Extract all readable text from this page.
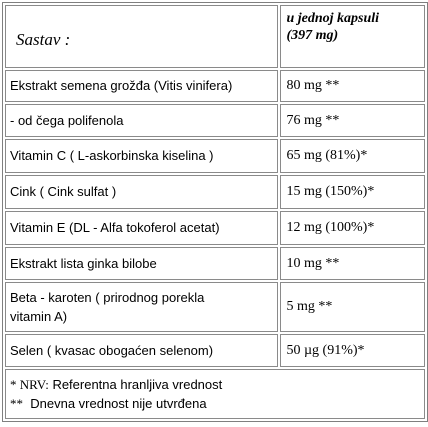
Sastav :	u jednoj kapsuli
(397 mg)

Ekstrakt semena grožđa (Vitis vinifera)	80 mg **
- od čega polifenola	76 mg **
Vitamin C ( L-askorbinska kiselina )	65 mg (81%)*
Cink ( Cink sulfat )	15 mg (150%)*
Vitamin E (DL - Alfa tokoferol acetat)	12 mg (100%)*
Ekstrakt lista ginka bilobe	10 mg **

Beta - karoten ( prirodnog porekla
vitamin A)	5 mg **
Selen ( kvasac obogaćen selenom)	50 µg (91%)*

* NRV: Referentna hranljiva vrednost
** Dnevna vrednost nije utvrđena	
